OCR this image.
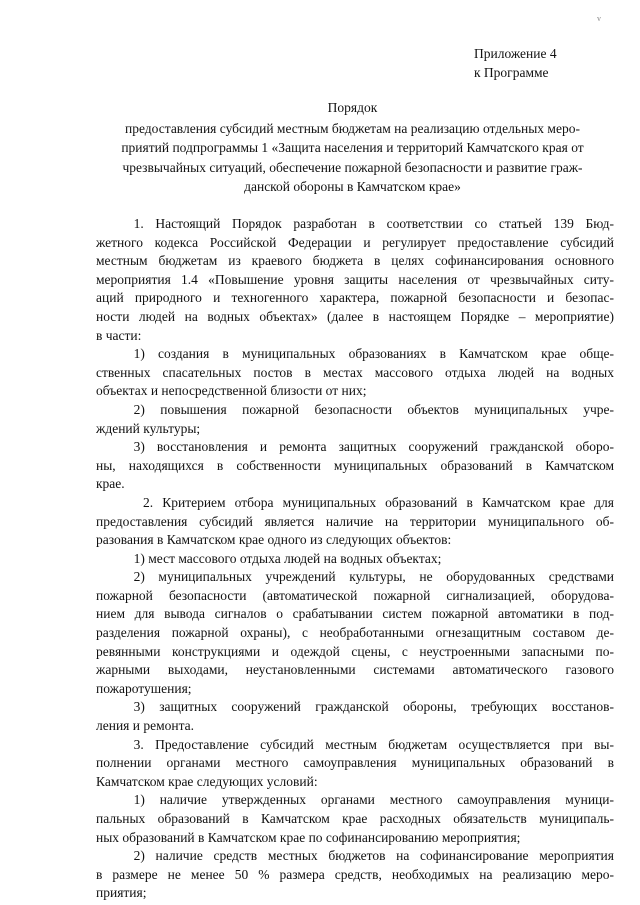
v
Приложение 4
к Программе
Порядок
предоставления субсидий местным бюджетам на реализацию отдельных меро-
приятий подпрограммы 1 «Защита населения и территорий Камчатского края от
чрезвычайных ситуаций, обеспечение пожарной безопасности и развитие граж-
данской обороны в Камчатском крае»
1. Настоящий Порядок разработан в соответствии со статьей 139 Бюд-
жетного кодекса Российской Федерации и регулирует предоставление субсидий
местным бюджетам из краевого бюджета в целях софинансирования основного
мероприятия 1.4 «Повышение уровня защиты населения от чрезвычайных ситу-
аций природного и техногенного характера, пожарной безопасности и безопас-
ности людей на водных объектах» (далее в настоящем Порядке – мероприятие)
в части:
1) создания в муниципальных образованиях в Камчатском крае обще-
ственных спасательных постов в местах массового отдыха людей на водных
объектах и непосредственной близости от них;
2) повышения пожарной безопасности объектов муниципальных учре-
ждений культуры;
3) восстановления и ремонта защитных сооружений гражданской оборо-
ны, находящихся в собственности муниципальных образований в Камчатском
крае.
2. Критерием отбора муниципальных образований в Камчатском крае для
предоставления субсидий является наличие на территории муниципального об-
разования в Камчатском крае одного из следующих объектов:
1) мест массового отдыха людей на водных объектах;
2) муниципальных учреждений культуры, не оборудованных средствами
пожарной безопасности (автоматической пожарной сигнализацией, оборудова-
нием для вывода сигналов о срабатывании систем пожарной автоматики в под-
разделения пожарной охраны), с необработанными огнезащитным составом де-
ревянными конструкциями и одеждой сцены, с неустроенными запасными по-
жарными выходами, неустановленными системами автоматического газового
пожаротушения;
3) защитных сооружений гражданской обороны, требующих восстанов-
ления и ремонта.
3. Предоставление субсидий местным бюджетам осуществляется при вы-
полнении органами местного самоуправления муниципальных образований в
Камчатском крае следующих условий:
1) наличие утвержденных органами местного самоуправления муници-
пальных образований в Камчатском крае расходных обязательств муниципаль-
ных образований в Камчатском крае по софинансированию мероприятия;
2) наличие средств местных бюджетов на софинансирование мероприятия
в размере не менее 50 % размера средств, необходимых на реализацию меро-
приятия;
